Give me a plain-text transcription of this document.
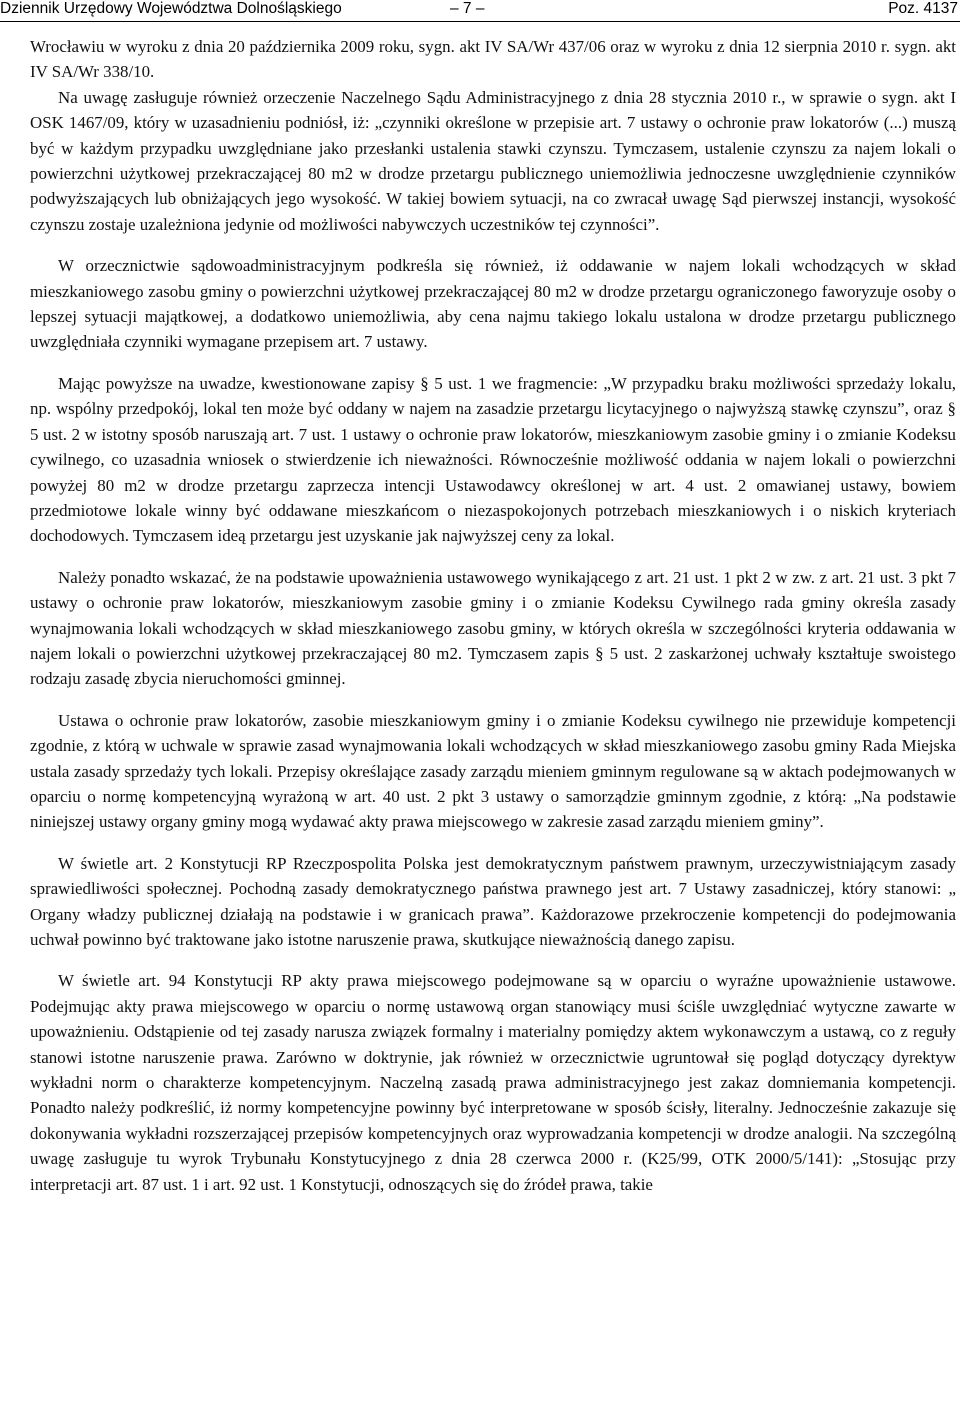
Dziennik Urzędowy Województwa Dolnośląskiego	– 7 –	Poz. 4137

Wrocławiu w wyroku z dnia 20 października 2009 roku, sygn. akt IV SA/Wr 437/06 oraz w wyroku z dnia 12 sierpnia 2010 r. sygn. akt IV SA/Wr 338/10.

Na uwagę zasługuje również orzeczenie Naczelnego Sądu Administracyjnego z dnia 28 stycznia 2010 r., w sprawie o sygn. akt I OSK 1467/09, który w uzasadnieniu podniósł, iż: „czynniki określone w przepisie art. 7 ustawy o ochronie praw lokatorów (...) muszą być w każdym przypadku uwzględniane jako przesłanki ustalenia stawki czynszu. Tymczasem, ustalenie czynszu za najem lokali o powierzchni użytkowej przekraczającej 80 m2 w drodze przetargu publicznego uniemożliwia jednoczesne uwzględnienie czynników podwyższających lub obniżających jego wysokość. W takiej bowiem sytuacji, na co zwracał uwagę Sąd pierwszej instancji, wysokość czynszu zostaje uzależniona jedynie od możliwości nabywczych uczestników tej czynności”.

W orzecznictwie sądowoadministracyjnym podkreśla się również, iż oddawanie w najem lokali wchodzących w skład mieszkaniowego zasobu gminy o powierzchni użytkowej przekraczającej 80 m2 w drodze przetargu ograniczonego faworyzuje osoby o lepszej sytuacji majątkowej, a dodatkowo uniemożliwia, aby cena najmu takiego lokalu ustalona w drodze przetargu publicznego uwzględniała czynniki wymagane przepisem art. 7 ustawy.

Mając powyższe na uwadze, kwestionowane zapisy § 5 ust. 1 we fragmencie: „W przypadku braku możliwości sprzedaży lokalu, np. wspólny przedpokój, lokal ten może być oddany w najem na zasadzie przetargu licytacyjnego o najwyższą stawkę czynszu”, oraz § 5 ust. 2 w istotny sposób naruszają art. 7 ust. 1 ustawy o ochronie praw lokatorów, mieszkaniowym zasobie gminy i o zmianie Kodeksu cywilnego, co uzasadnia wniosek o stwierdzenie ich nieważności. Równocześnie możliwość oddania w najem lokali o powierzchni powyżej 80 m2 w drodze przetargu zaprzecza intencji Ustawodawcy określonej w art. 4 ust. 2 omawianej ustawy, bowiem przedmiotowe lokale winny być oddawane mieszkańcom o niezaspokojonych potrzebach mieszkaniowych i o niskich kryteriach dochodowych. Tymczasem ideą przetargu jest uzyskanie jak najwyższej ceny za lokal.

Należy ponadto wskazać, że na podstawie upoważnienia ustawowego wynikającego z art. 21 ust. 1 pkt 2 w zw. z art. 21 ust. 3 pkt 7 ustawy o ochronie praw lokatorów, mieszkaniowym zasobie gminy i o zmianie Kodeksu Cywilnego rada gminy określa zasady wynajmowania lokali wchodzących w skład mieszkaniowego zasobu gminy, w których określa w szczególności kryteria oddawania w najem lokali o powierzchni użytkowej przekraczającej 80 m2. Tymczasem zapis § 5 ust. 2 zaskarżonej uchwały kształtuje swoistego rodzaju zasadę zbycia nieruchomości gminnej.

Ustawa o ochronie praw lokatorów, zasobie mieszkaniowym gminy i o zmianie Kodeksu cywilnego nie przewiduje kompetencji zgodnie, z którą w uchwale w sprawie zasad wynajmowania lokali wchodzących w skład mieszkaniowego zasobu gminy Rada Miejska ustala zasady sprzedaży tych lokali. Przepisy określające zasady zarządu mieniem gminnym regulowane są w aktach podejmowanych w oparciu o normę kompetencyjną wyrażoną w art. 40 ust. 2 pkt 3 ustawy o samorządzie gminnym zgodnie, z którą: „Na podstawie niniejszej ustawy organy gminy mogą wydawać akty prawa miejscowego w zakresie zasad zarządu mieniem gminy”.

W świetle art. 2 Konstytucji RP Rzeczpospolita Polska jest demokratycznym państwem prawnym, urzeczywistniającym zasady sprawiedliwości społecznej. Pochodną zasady demokratycznego państwa prawnego jest art. 7 Ustawy zasadniczej, który stanowi: „ Organy władzy publicznej działają na podstawie i w granicach prawa”. Każdorazowe przekroczenie kompetencji do podejmowania uchwał powinno być traktowane jako istotne naruszenie prawa, skutkujące nieważnością danego zapisu.

W świetle art. 94 Konstytucji RP akty prawa miejscowego podejmowane są w oparciu o wyraźne upoważnienie ustawowe. Podejmując akty prawa miejscowego w oparciu o normę ustawową organ stanowiący musi ściśle uwzględniać wytyczne zawarte w upoważnieniu. Odstąpienie od tej zasady narusza związek formalny i materialny pomiędzy aktem wykonawczym a ustawą, co z reguły stanowi istotne naruszenie prawa. Zarówno w doktrynie, jak również w orzecznictwie ugruntował się pogląd dotyczący dyrektyw wykładni norm o charakterze kompetencyjnym. Naczelną zasadą prawa administracyjnego jest zakaz domniemania kompetencji. Ponadto należy podkreślić, iż normy kompetencyjne powinny być interpretowane w sposób ścisły, literalny. Jednocześnie zakazuje się dokonywania wykładni rozszerzającej przepisów kompetencyjnych oraz wyprowadzania kompetencji w drodze analogii. Na szczególną uwagę zasługuje tu wyrok Trybunału Konstytucyjnego z dnia 28 czerwca 2000 r. (K25/99, OTK 2000/5/141): „Stosując przy interpretacji art. 87 ust. 1 i art. 92 ust. 1 Konstytucji, odnoszących się do źródeł prawa, takie
